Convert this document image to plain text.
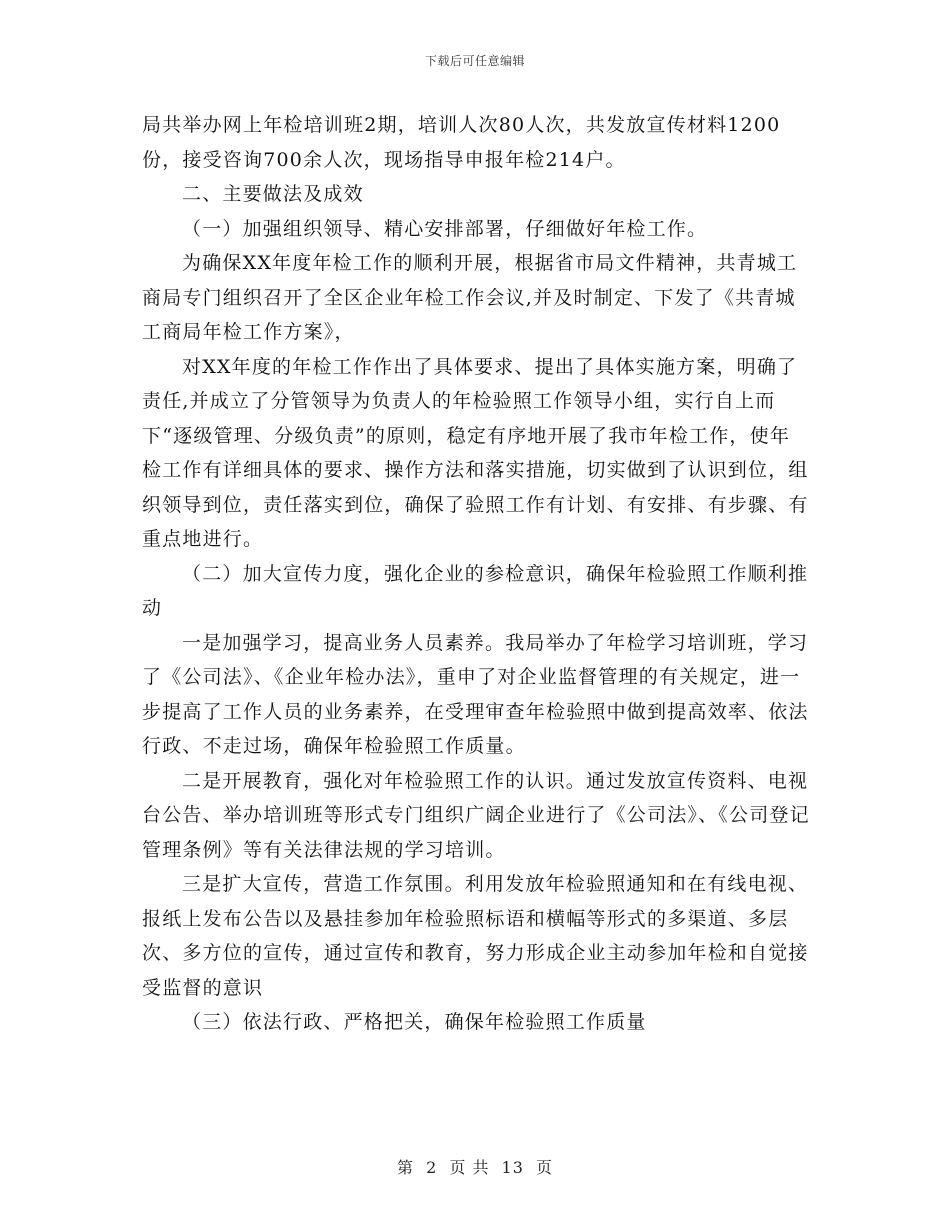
下载后可任意编辑

局共举办网上年检培训班2期，培训人次80人次，共发放宣传材料1200份，接受咨询700余人次，现场指导申报年检214户。

二、主要做法及成效

（一）加强组织领导、精心安排部署，仔细做好年检工作。

为确保XX年度年检工作的顺利开展，根据省市局文件精神，共青城工商局专门组织召开了全区企业年检工作会议,并及时制定、下发了《共青城工商局年检工作方案》，

对XX年度的年检工作作出了具体要求、提出了具体实施方案，明确了责任,并成立了分管领导为负责人的年检验照工作领导小组，实行自上而下“逐级管理、分级负责”的原则，稳定有序地开展了我市年检工作，使年检工作有详细具体的要求、操作方法和落实措施，切实做到了认识到位，组织领导到位，责任落实到位，确保了验照工作有计划、有安排、有步骤、有重点地进行。

（二）加大宣传力度，强化企业的参检意识，确保年检验照工作顺利推动

一是加强学习，提高业务人员素养。我局举办了年检学习培训班，学习了《公司法》、《企业年检办法》，重申了对企业监督管理的有关规定，进一步提高了工作人员的业务素养，在受理审查年检验照中做到提高效率、依法行政、不走过场，确保年检验照工作质量。

二是开展教育，强化对年检验照工作的认识。通过发放宣传资料、电视台公告、举办培训班等形式专门组织广阔企业进行了《公司法》、《公司登记管理条例》等有关法律法规的学习培训。

三是扩大宣传，营造工作氛围。利用发放年检验照通知和在有线电视、报纸上发布公告以及悬挂参加年检验照标语和横幅等形式的多渠道、多层次、多方位的宣传，通过宣传和教育，努力形成企业主动参加年检和自觉接受监督的意识

（三）依法行政、严格把关，确保年检验照工作质量

第 2 页 共 13 页
